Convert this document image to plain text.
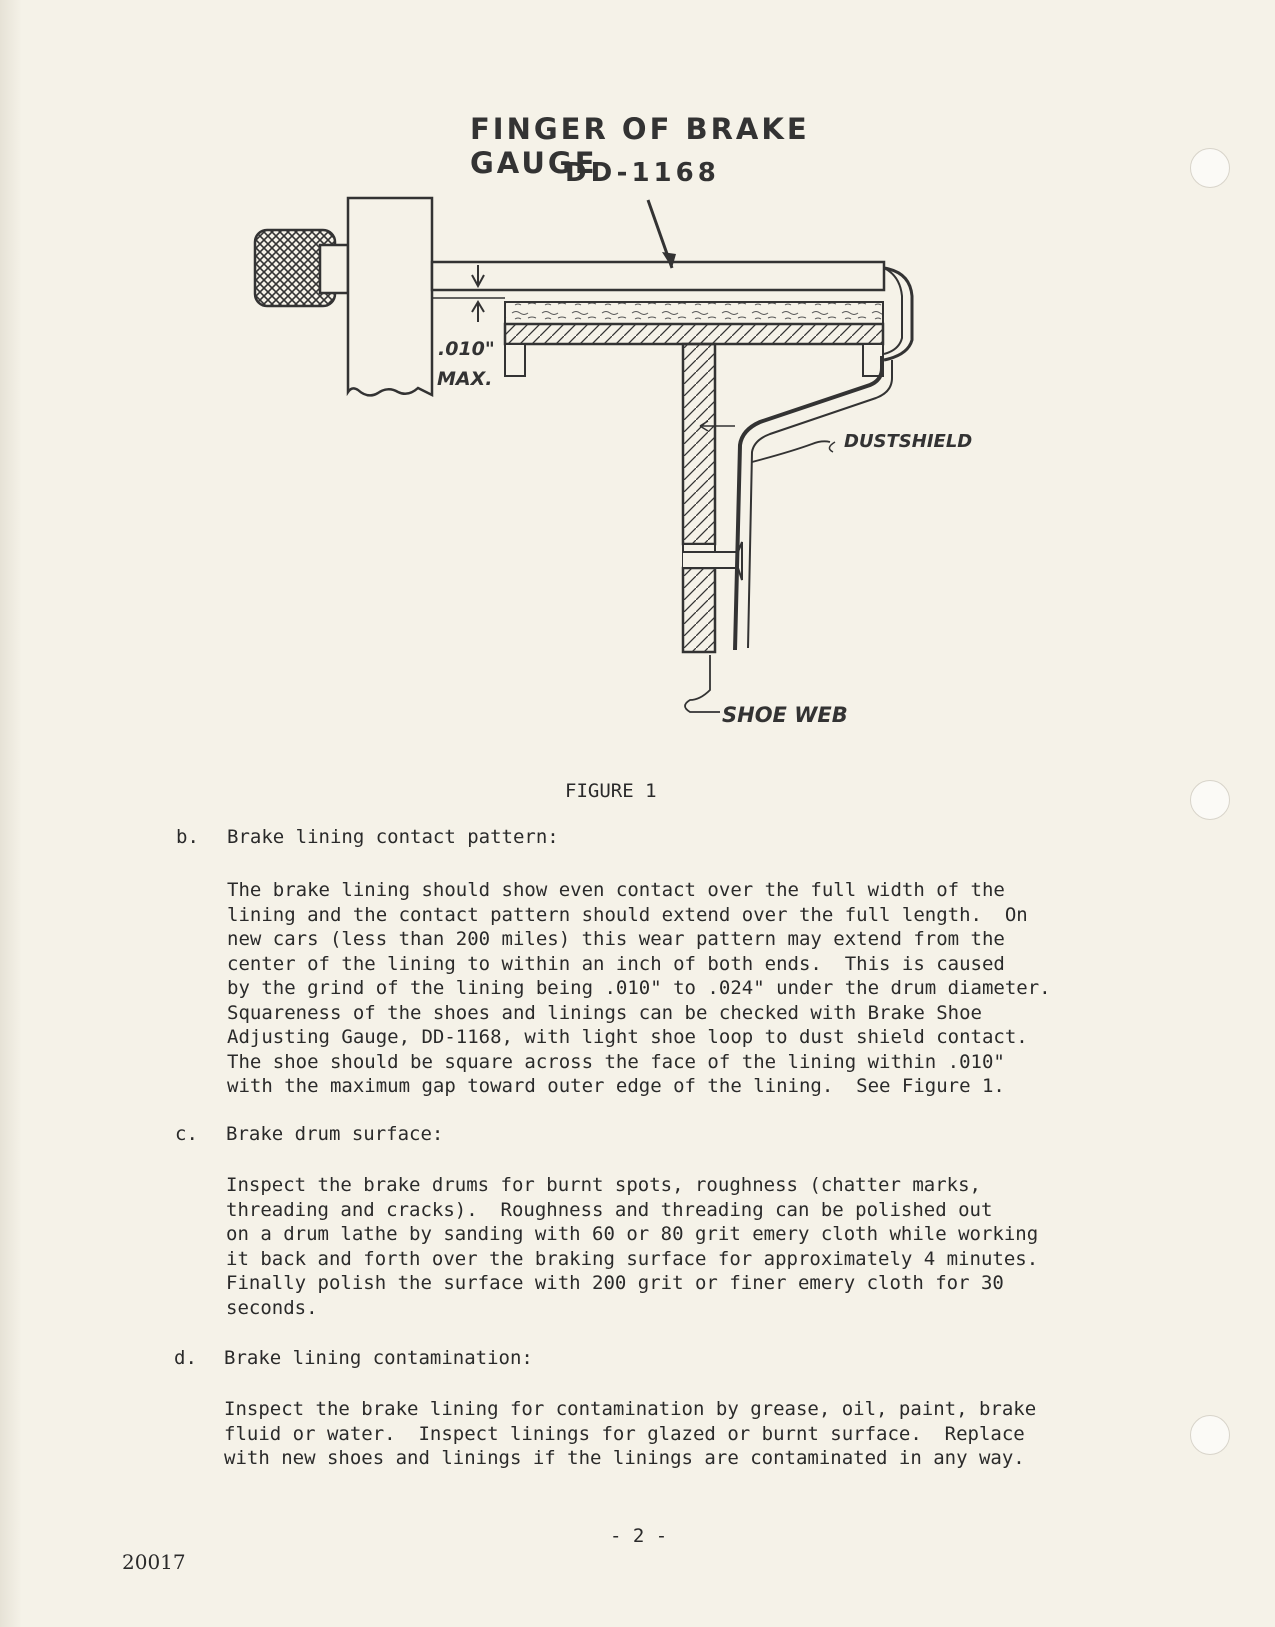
FINGER OF BRAKE GAUGE
DD-1168
.010"
MAX.
DUSTSHIELD
SHOE WEB
FIGURE 1
b. Brake lining contact pattern:
The brake lining should show even contact over the full width of the
lining and the contact pattern should extend over the full length.  On
new cars (less than 200 miles) this wear pattern may extend from the
center of the lining to within an inch of both ends.  This is caused
by the grind of the lining being .010" to .024" under the drum diameter.
Squareness of the shoes and linings can be checked with Brake Shoe
Adjusting Gauge, DD-1168, with light shoe loop to dust shield contact.
The shoe should be square across the face of the lining within .010"
with the maximum gap toward outer edge of the lining.  See Figure 1.
c. Brake drum surface:
Inspect the brake drums for burnt spots, roughness (chatter marks,
threading and cracks).  Roughness and threading can be polished out
on a drum lathe by sanding with 60 or 80 grit emery cloth while working
it back and forth over the braking surface for approximately 4 minutes.
Finally polish the surface with 200 grit or finer emery cloth for 30
seconds.
d. Brake lining contamination:
Inspect the brake lining for contamination by grease, oil, paint, brake
fluid or water.  Inspect linings for glazed or burnt surface.  Replace
with new shoes and linings if the linings are contaminated in any way.
- 2 -
20017
